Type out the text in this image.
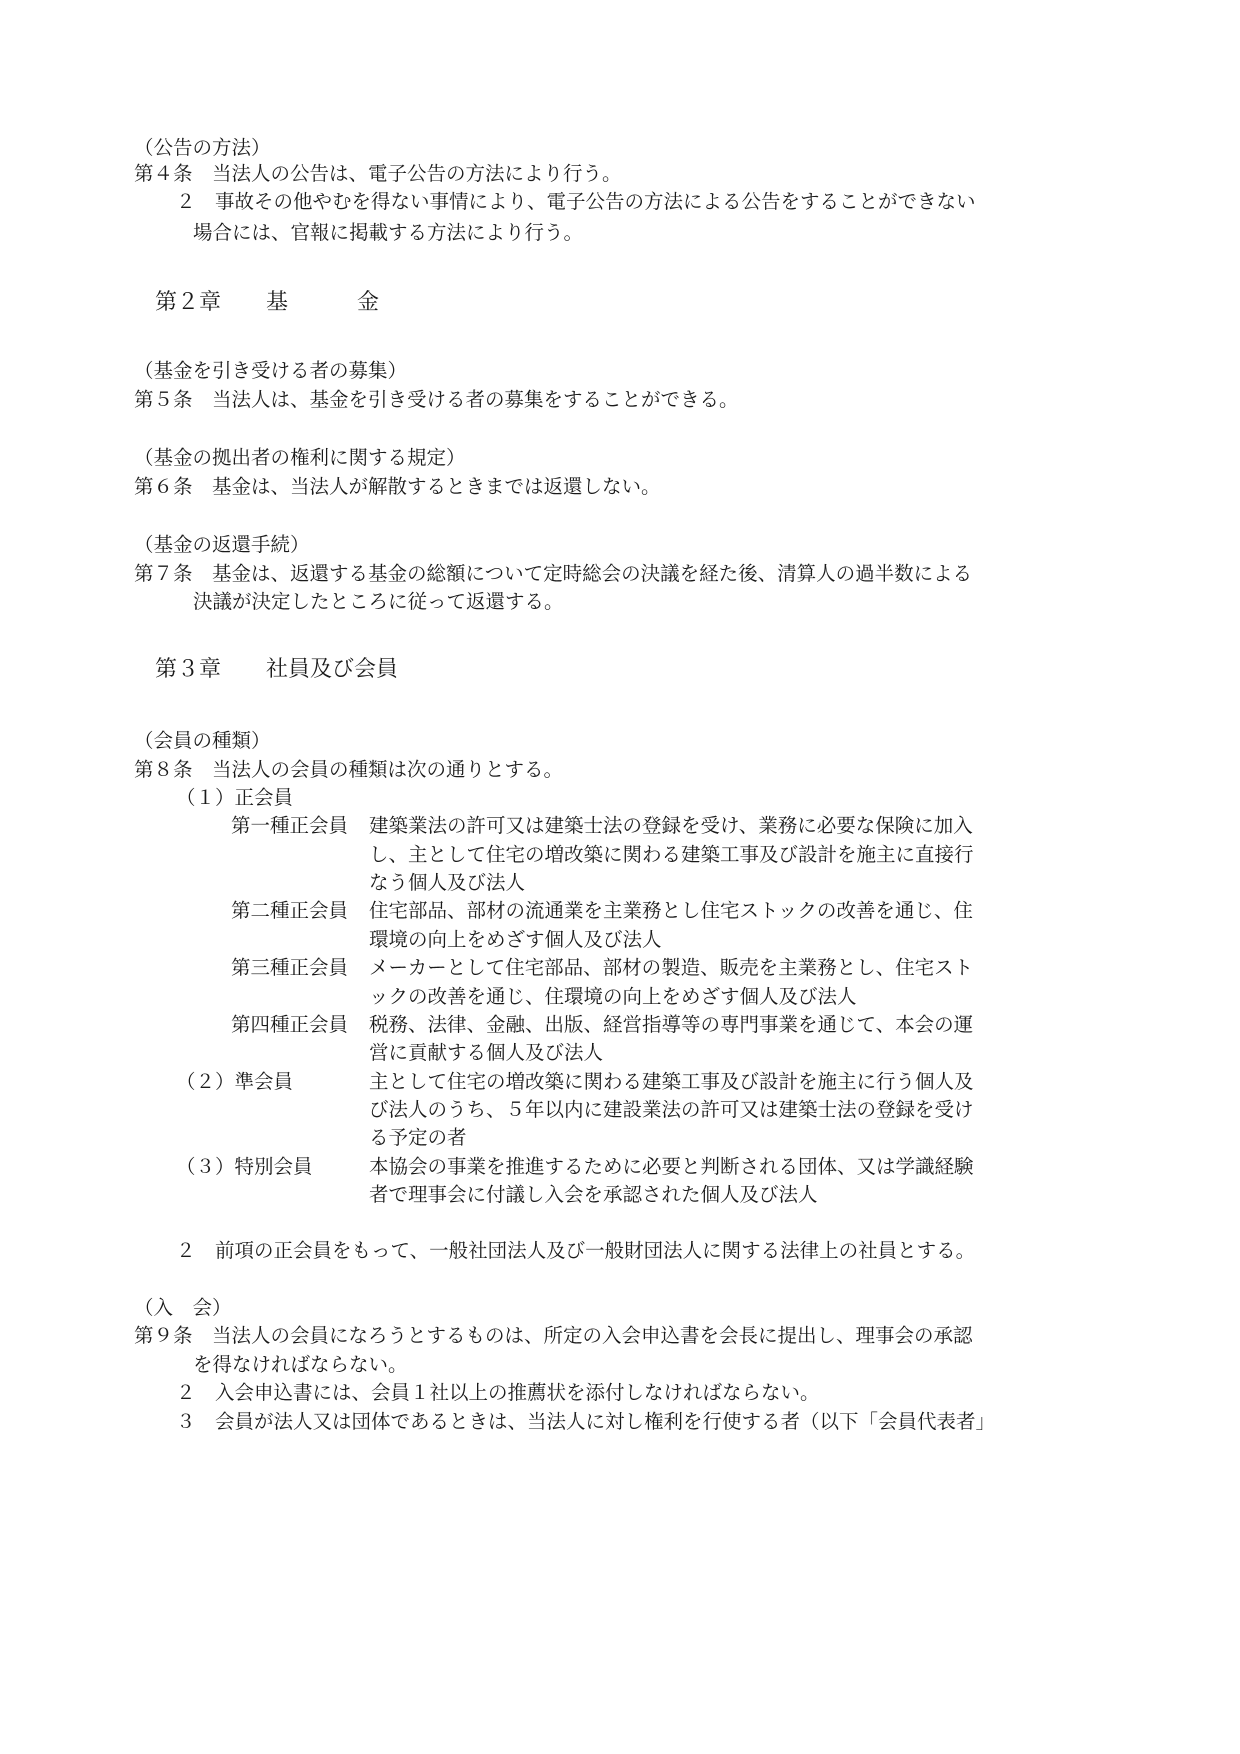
（公告の方法）
第４条　当法人の公告は、電子公告の方法により行う。
２　事故その他やむを得ない事情により、電子公告の方法による公告をすることができない
場合には、官報に掲載する方法により行う。
第２章 基	金
（基金を引き受ける者の募集）
第５条　当法人は、基金を引き受ける者の募集をすることができる。
（基金の拠出者の権利に関する規定）
第６条　基金は、当法人が解散するときまでは返還しない。
（基金の返還手続）
第７条　基金は、返還する基金の総額について定時総会の決議を経た後、清算人の過半数による
決議が決定したところに従って返還する。
第３章 社員及び会員
（会員の種類）
第８条　当法人の会員の種類は次の通りとする。
（１）正会員
第一種正会員 建築業法の許可又は建築士法の登録を受け、業務に必要な保険に加入
し、主として住宅の増改築に関わる建築工事及び設計を施主に直接行
なう個人及び法人
第二種正会員 住宅部品、部材の流通業を主業務とし住宅ストックの改善を通じ、住
環境の向上をめざす個人及び法人
第三種正会員 メーカーとして住宅部品、部材の製造、販売を主業務とし、住宅スト
ックの改善を通じ、住環境の向上をめざす個人及び法人
第四種正会員 税務、法律、金融、出版、経営指導等の専門事業を通じて、本会の運
営に貢献する個人及び法人
（２）準会員	主として住宅の増改築に関わる建築工事及び設計を施主に行う個人及
び法人のうち、５年以内に建設業法の許可又は建築士法の登録を受け
る予定の者
（３）特別会員	本協会の事業を推進するために必要と判断される団体、又は学識経験
者で理事会に付議し入会を承認された個人及び法人
２　前項の正会員をもって、一般社団法人及び一般財団法人に関する法律上の社員とする。
（入　会）
第９条　当法人の会員になろうとするものは、所定の入会申込書を会長に提出し、理事会の承認
を得なければならない。
２　入会申込書には、会員１社以上の推薦状を添付しなければならない。
３　会員が法人又は団体であるときは、当法人に対し権利を行使する者（以下「会員代表者」
